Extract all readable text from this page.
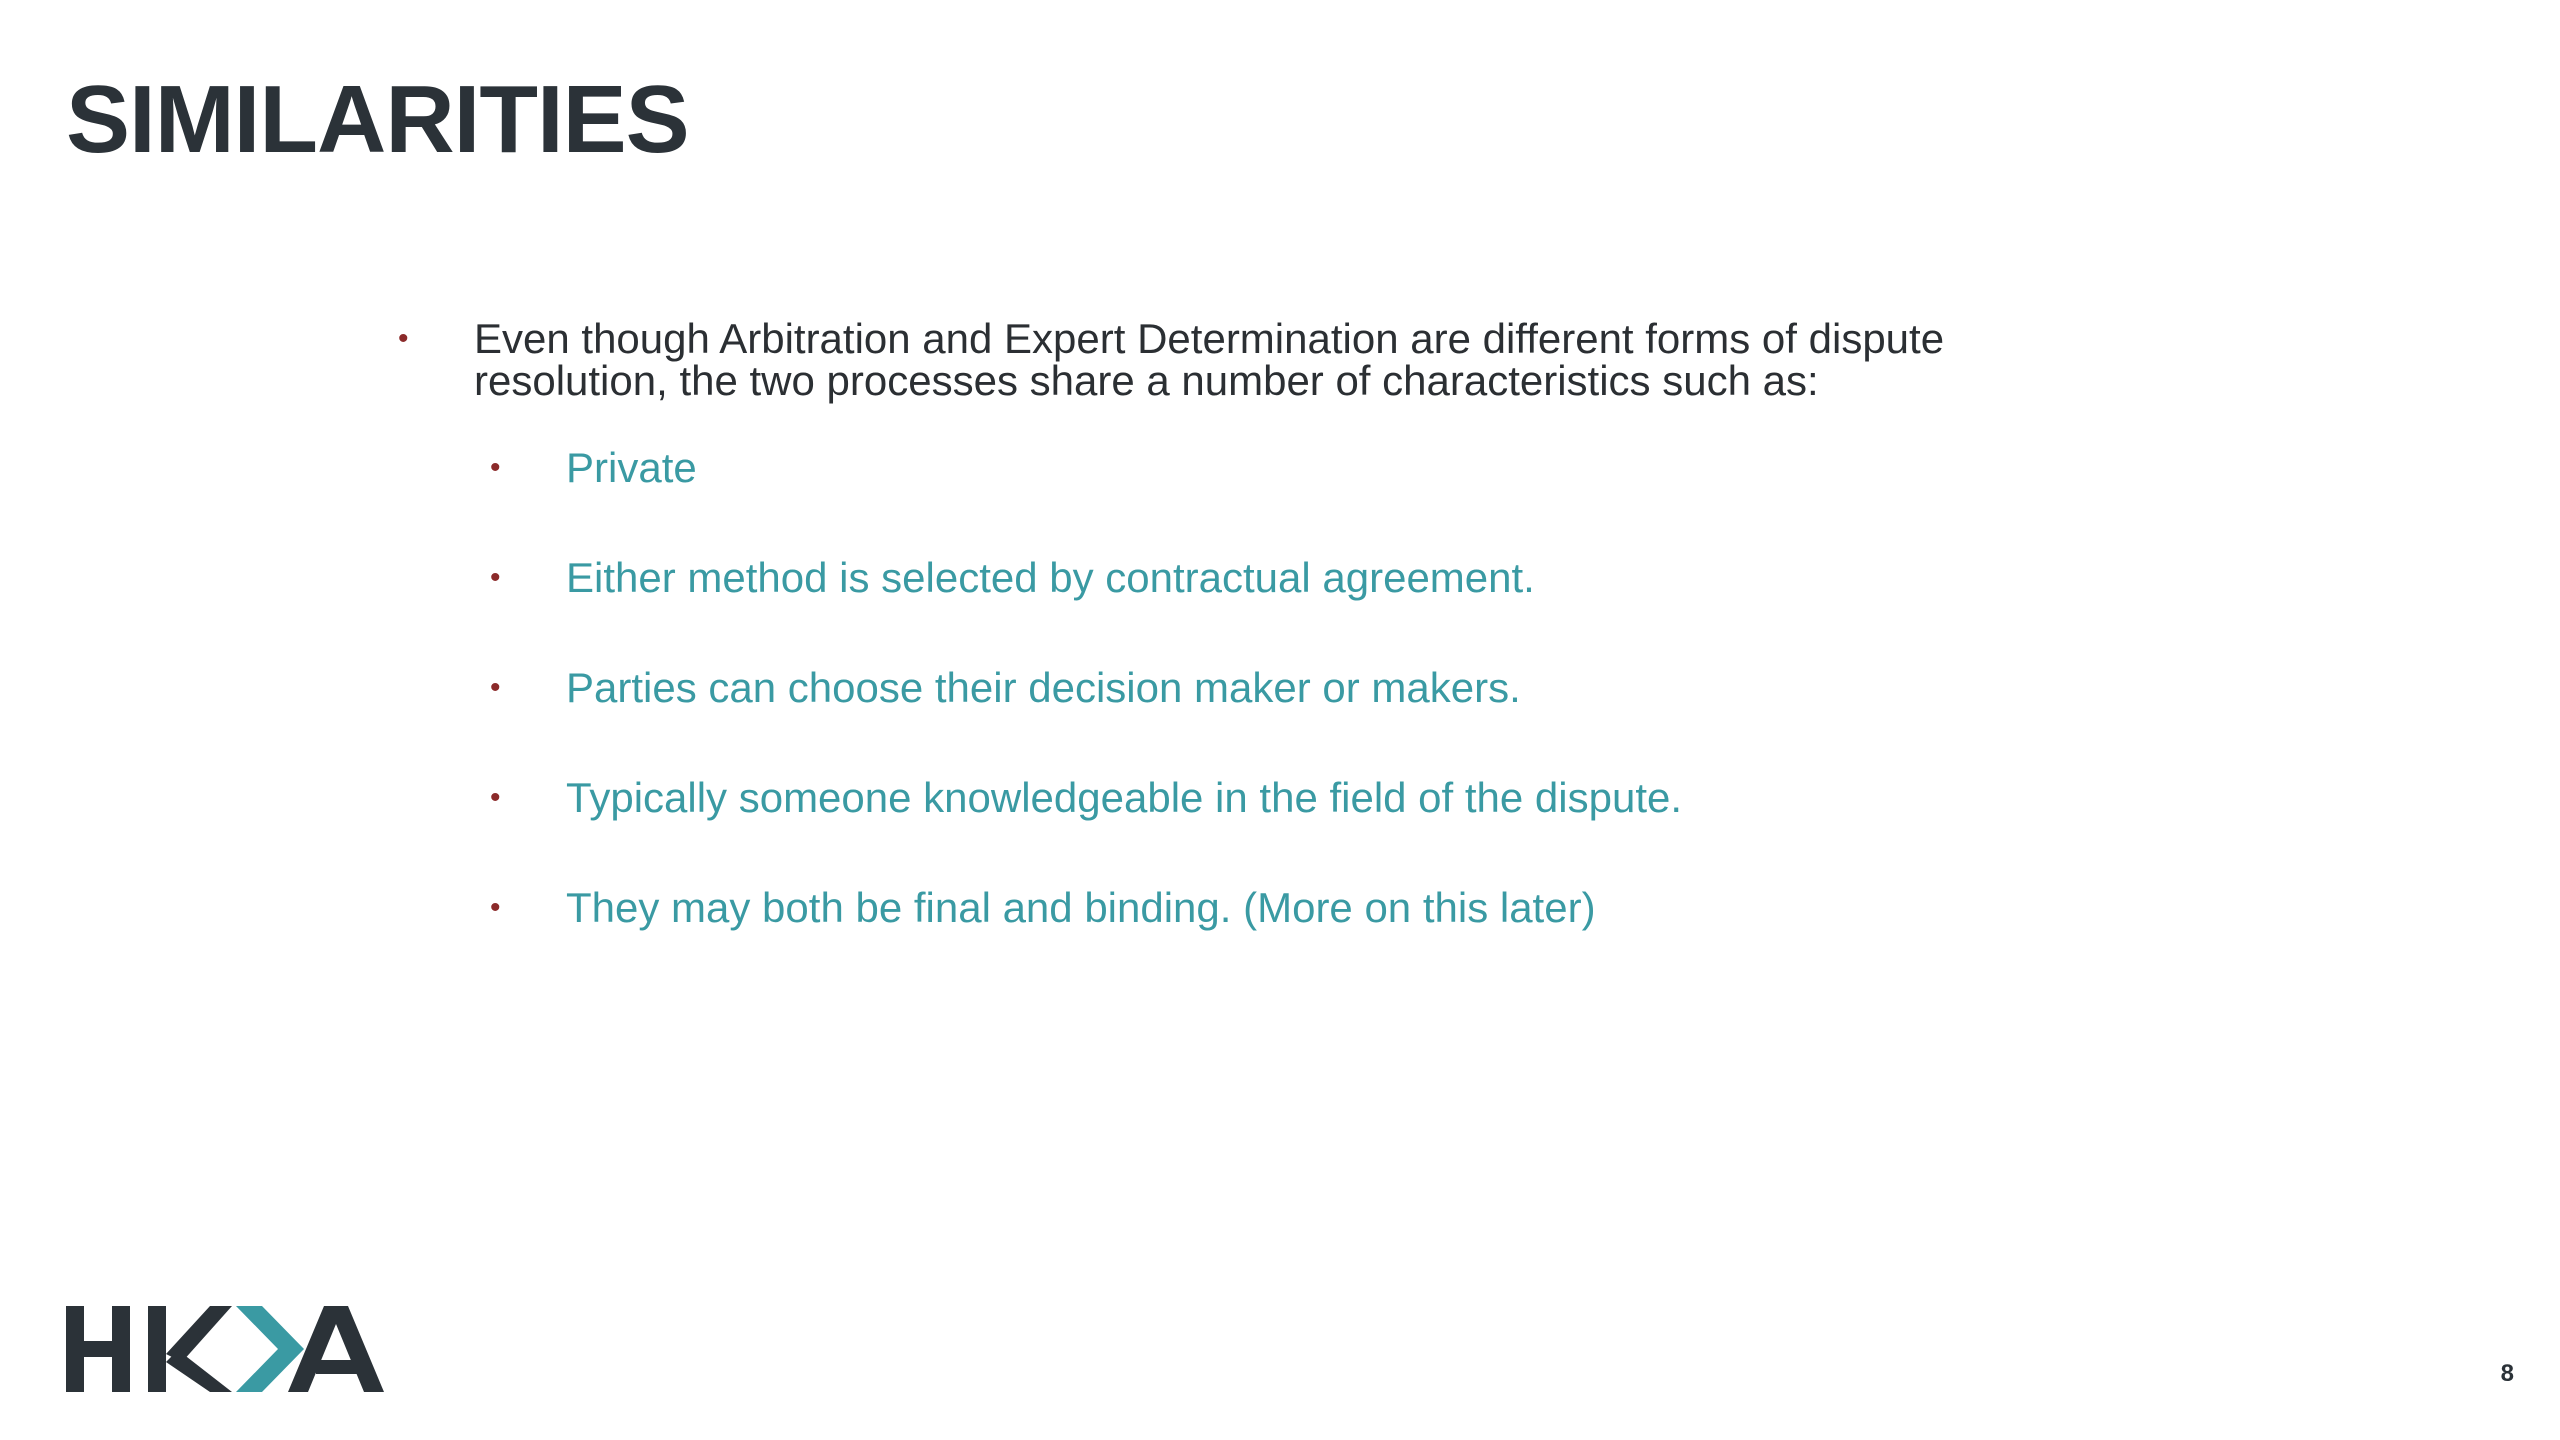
SIMILARITIES
• Even though Arbitration and Expert Determination are different forms of dispute resolution, the two processes share a number of characteristics such as:
• Private
• Either method is selected by contractual agreement.
• Parties can choose their decision maker or makers.
• Typically someone knowledgeable in the field of the dispute.
• They may both be final and binding. (More on this later)
8
